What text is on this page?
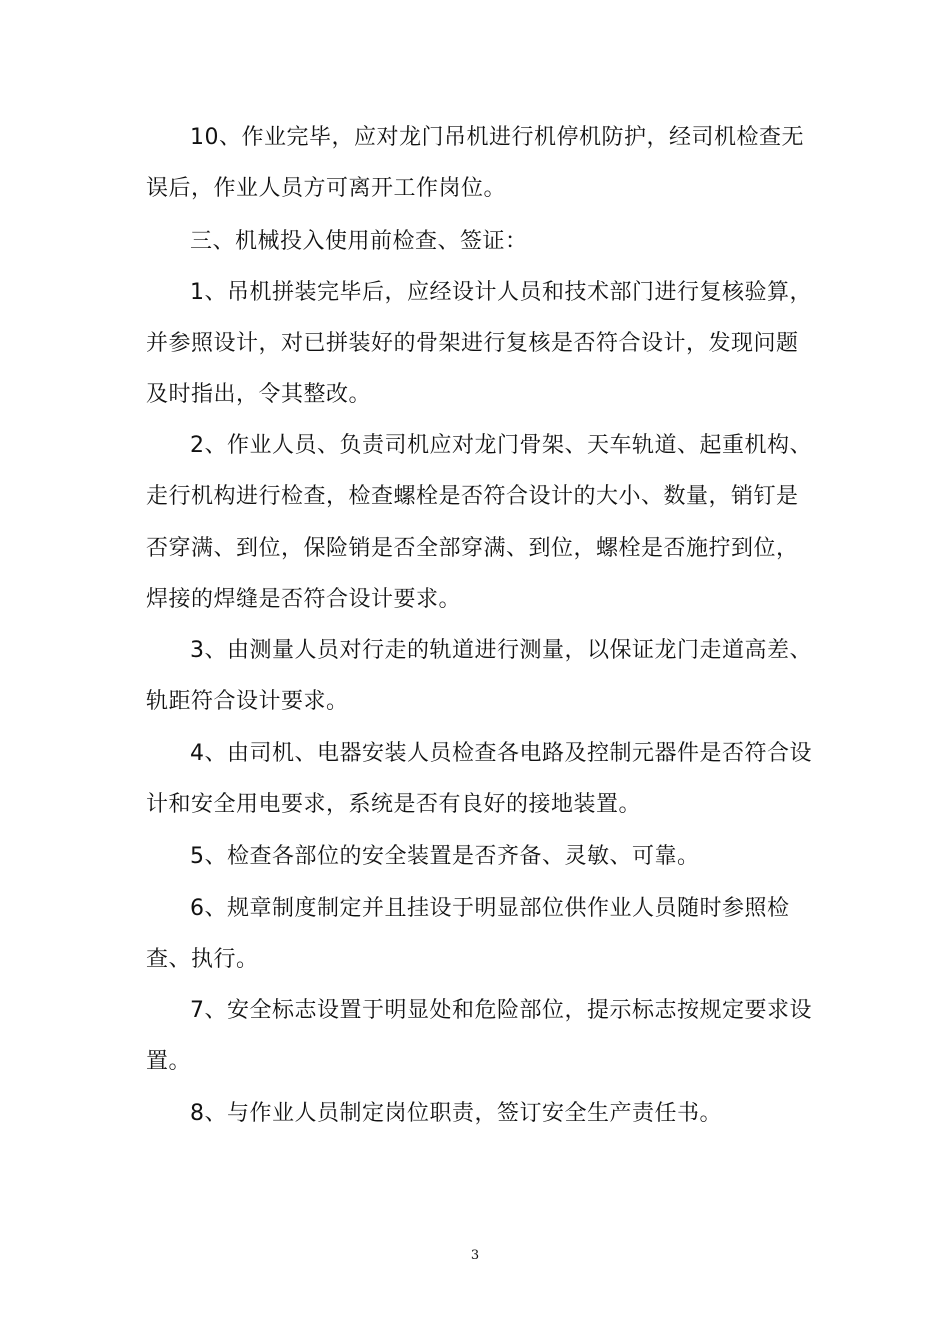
10、作业完毕，应对龙门吊机进行机停机防护，经司机检查无
误后，作业人员方可离开工作岗位。
三、机械投入使用前检查、签证：
1、吊机拼装完毕后，应经设计人员和技术部门进行复核验算，
并参照设计，对已拼装好的骨架进行复核是否符合设计，发现问题
及时指出，令其整改。
2、作业人员、负责司机应对龙门骨架、天车轨道、起重机构、
走行机构进行检查，检查螺栓是否符合设计的大小、数量，销钉是
否穿满、到位，保险销是否全部穿满、到位，螺栓是否施拧到位，
焊接的焊缝是否符合设计要求。
3、由测量人员对行走的轨道进行测量，以保证龙门走道高差、
轨距符合设计要求。
4、由司机、电器安装人员检查各电路及控制元器件是否符合设
计和安全用电要求，系统是否有良好的接地装置。
5、检查各部位的安全装置是否齐备、灵敏、可靠。
6、规章制度制定并且挂设于明显部位供作业人员随时参照检
查、执行。
7、安全标志设置于明显处和危险部位，提示标志按规定要求设
置。
8、与作业人员制定岗位职责，签订安全生产责任书。
3
